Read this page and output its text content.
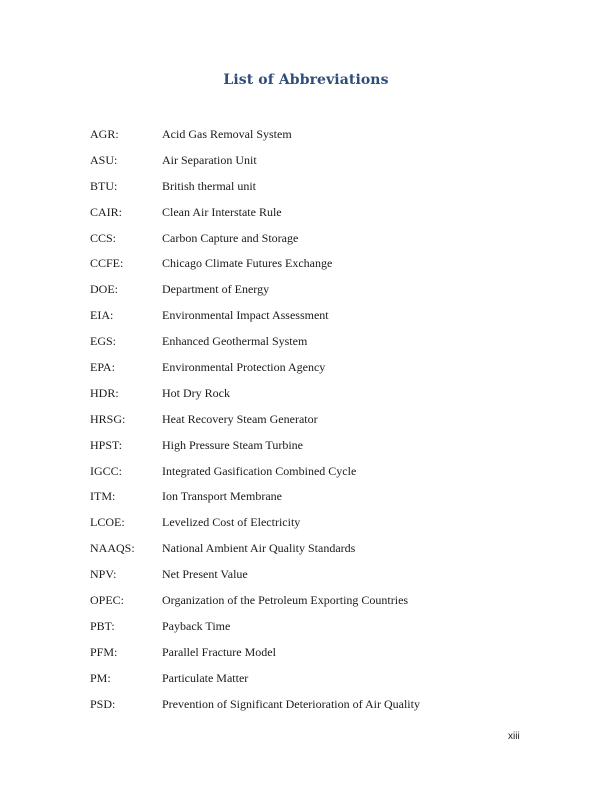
List of Abbreviations
AGR:	Acid Gas Removal System
ASU:	Air Separation Unit
BTU:	British thermal unit
CAIR:	Clean Air Interstate Rule
CCS:	Carbon Capture and Storage
CCFE:	Chicago Climate Futures Exchange
DOE:	Department of Energy
EIA:	Environmental Impact Assessment
EGS:	Enhanced Geothermal System
EPA:	Environmental Protection Agency
HDR:	Hot Dry Rock
HRSG:	Heat Recovery Steam Generator
HPST:	High Pressure Steam Turbine
IGCC:	Integrated Gasification Combined Cycle
ITM:	Ion Transport Membrane
LCOE:	Levelized Cost of Electricity
NAAQS: National Ambient Air Quality Standards
NPV:	Net Present Value
OPEC:	Organization of the Petroleum Exporting Countries
PBT:	Payback Time
PFM:	Parallel Fracture Model
PM:	Particulate Matter
PSD:	Prevention of Significant Deterioration of Air Quality
xiii
